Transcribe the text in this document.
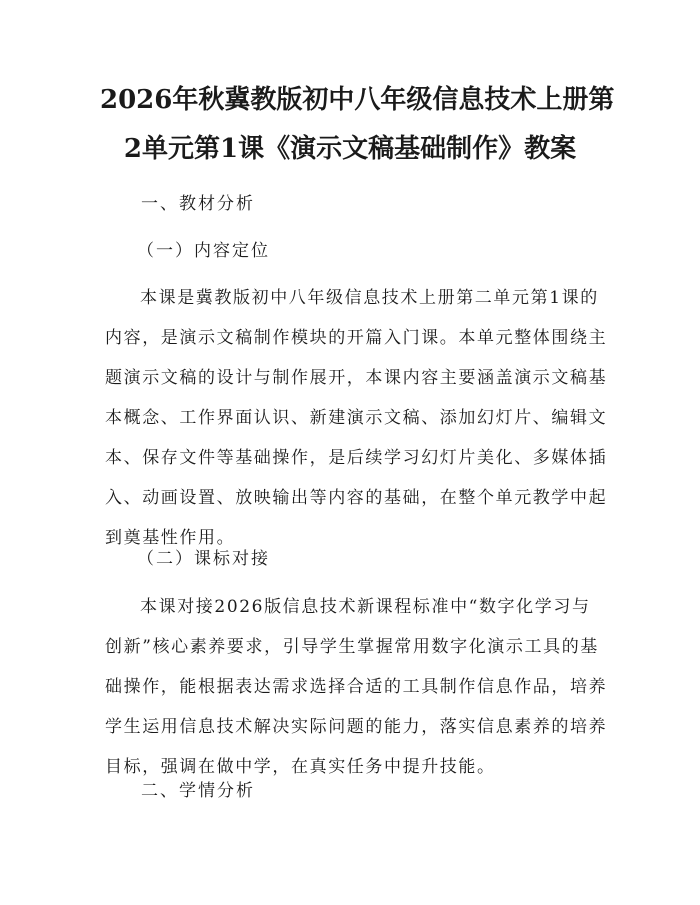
2026年秋冀教版初中八年级信息技术上册第
2单元第1课《演示文稿基础制作》教案
一、教材分析
（一）内容定位
本课是冀教版初中八年级信息技术上册第二单元第1课的
内容，是演示文稿制作模块的开篇入门课。本单元整体围绕主
题演示文稿的设计与制作展开，本课内容主要涵盖演示文稿基
本概念、工作界面认识、新建演示文稿、添加幻灯片、编辑文
本、保存文件等基础操作，是后续学习幻灯片美化、多媒体插
入、动画设置、放映输出等内容的基础，在整个单元教学中起
到奠基性作用。
（二）课标对接
本课对接2026版信息技术新课程标准中“数字化学习与
创新”核心素养要求，引导学生掌握常用数字化演示工具的基
础操作，能根据表达需求选择合适的工具制作信息作品，培养
学生运用信息技术解决实际问题的能力，落实信息素养的培养
目标，强调在做中学，在真实任务中提升技能。
二、学情分析
